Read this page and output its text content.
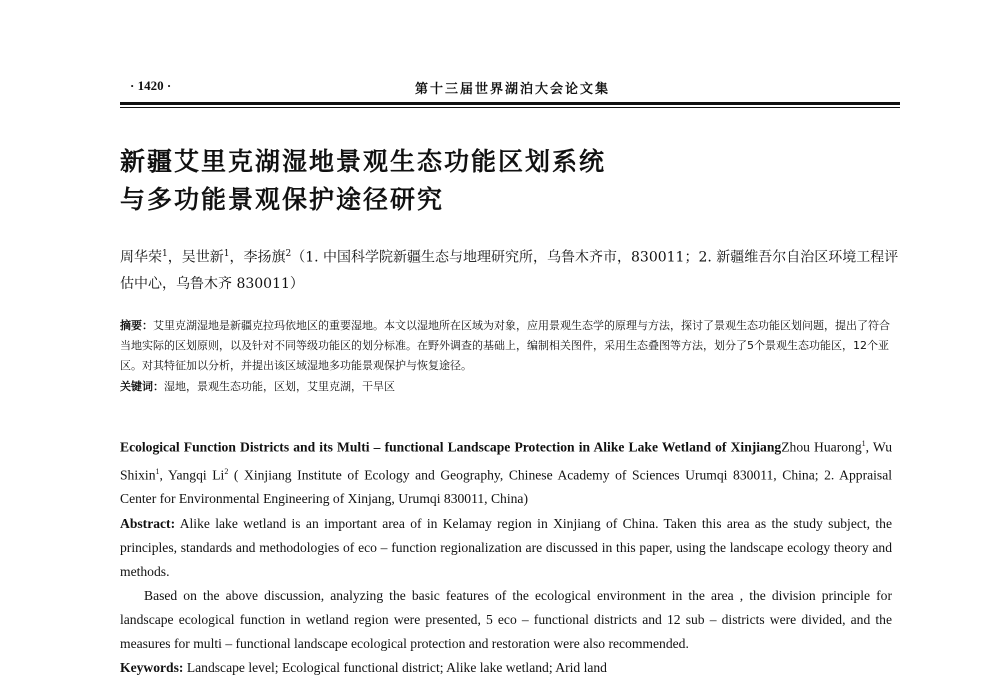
· 1420 ·	第十三届世界湖泊大会论文集
新疆艾里克湖湿地景观生态功能区划系统
与多功能景观保护途径研究
周华荣$^1$，吴世新$^1$，李扬旗$^2$（1. 中国科学院新疆生态与地理研究所，乌鲁木齐市，830011；2. 新疆维吾尔自治区环境工程评估中心，乌鲁木齐 830011）
摘要：艾里克湖湿地是新疆克拉玛依地区的重要湿地。本文以湿地所在区域为对象，应用景观生态学的原理与方法，探讨了景观生态功能区划问题，提出了符合当地实际的区划原则，以及针对不同等级功能区的划分标准。在野外调查的基础上，编制相关图件，采用生态叠图等方法，划分了5个景观生态功能区，12个亚区。对其特征加以分析，并提出该区域湿地多功能景观保护与恢复途径。
关键词：湿地，景观生态功能，区划，艾里克湖，干旱区
Ecological Function Districts and its Multi – functional Landscape Protection in Alike Lake Wetland of XinjiangZhou Huarong$^1$, Wu Shixin$^1$, Yangqi Li$^2$ ( Xinjiang Institute of Ecology and Geography, Chinese Academy of Sciences Urumqi 830011, China; 2. Appraisal Center for Environmental Engineering of Xinjang, Urumqi 830011, China)
Abstract: Alike lake wetland is an important area of in Kelamay region in Xinjiang of China. Taken this area as the study subject, the principles, standards and methodologies of eco – function regionalization are discussed in this paper, using the landscape ecology theory and methods.
Based on the above discussion, analyzing the basic features of the ecological environment in the area , the division principle for landscape ecological function in wetland region were presented, 5 eco – functional districts and 12 sub – districts were divided, and the measures for multi – functional landscape ecological protection and restoration were also recommended.
Keywords: Landscape level; Ecological functional district; Alike lake wetland; Arid land
